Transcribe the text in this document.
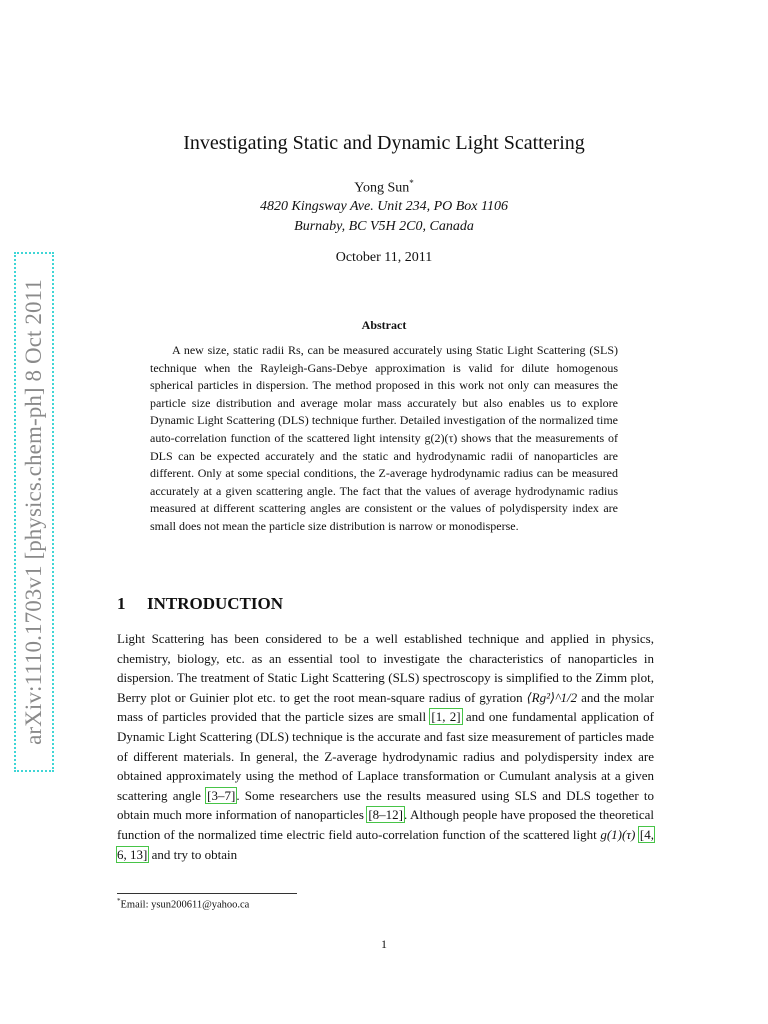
arXiv:1110.1703v1 [physics.chem-ph] 8 Oct 2011
Investigating Static and Dynamic Light Scattering
Yong Sun*
4820 Kingsway Ave. Unit 234, PO Box 1106
Burnaby, BC V5H 2C0, Canada
October 11, 2011
Abstract

A new size, static radii Rs, can be measured accurately using Static Light Scattering (SLS) technique when the Rayleigh-Gans-Debye approximation is valid for dilute homogenous spherical particles in dispersion. The method proposed in this work not only can measures the particle size distribution and average molar mass accurately but also enables us to explore Dynamic Light Scattering (DLS) technique further. Detailed investigation of the normalized time auto-correlation function of the scattered light intensity g(2)(τ) shows that the measurements of DLS can be expected accurately and the static and hydrodynamic radii of nanoparticles are different. Only at some special conditions, the Z-average hydrodynamic radius can be measured accurately at a given scattering angle. The fact that the values of average hydrodynamic radius measured at different scattering angles are consistent or the values of polydispersity index are small does not mean the particle size distribution is narrow or monodisperse.

1 INTRODUCTION

Light Scattering has been considered to be a well established technique and applied in physics, chemistry, biology, etc. as an essential tool to investigate the characteristics of nanoparticles in dispersion. The treatment of Static Light Scattering (SLS) spectroscopy is simplified to the Zimm plot, Berry plot or Guinier plot etc. to get the root mean-square radius of gyration ⟨Rg²⟩^1/2 and the molar mass of particles provided that the particle sizes are small [1, 2] and one fundamental application of Dynamic Light Scattering (DLS) technique is the accurate and fast size measurement of particles made of different materials. In general, the Z-average hydrodynamic radius and polydispersity index are obtained approximately using the method of Laplace transformation or Cumulant analysis at a given scattering angle [3–7]. Some researchers use the results measured using SLS and DLS together to obtain much more information of nanoparticles [8–12]. Although people have proposed the theoretical function of the normalized time electric field auto-correlation function of the scattered light g(1)(τ) [4, 6, 13] and try to obtain

*Email: ysun200611@yahoo.ca
1
